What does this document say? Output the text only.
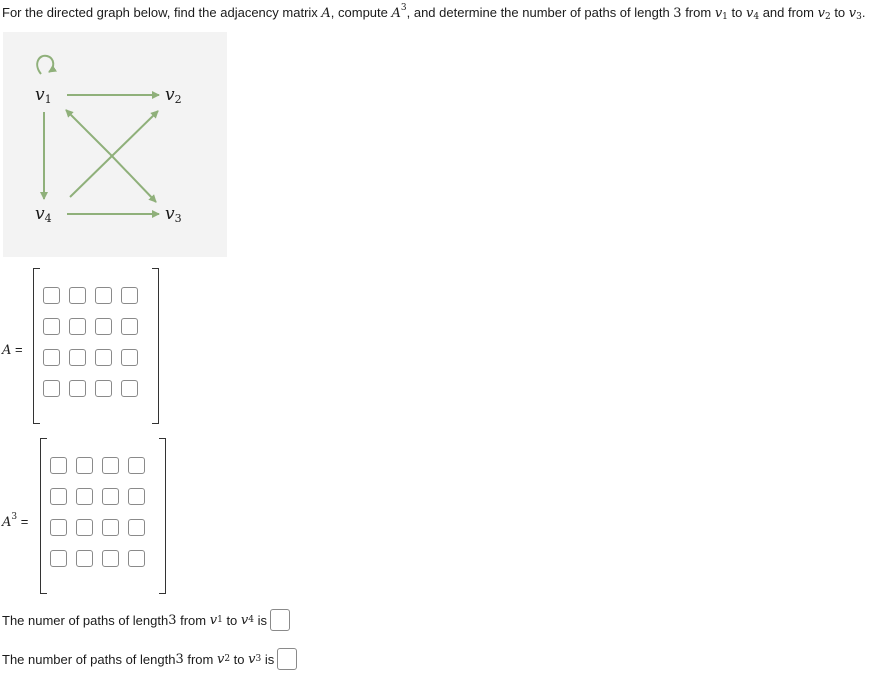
For the directed graph below, find the adjacency matrix A, compute $A^3$, and determine the number of paths of length 3 from $v_1$ to $v_4$ and from $v_2$ to $v_3$.
v1	v2
v3
v4
A =
$A^3$ =
The numer of paths of length 3 from v 1 to v 4 is
The number of paths of length 3 from v 2 to v 3 is
